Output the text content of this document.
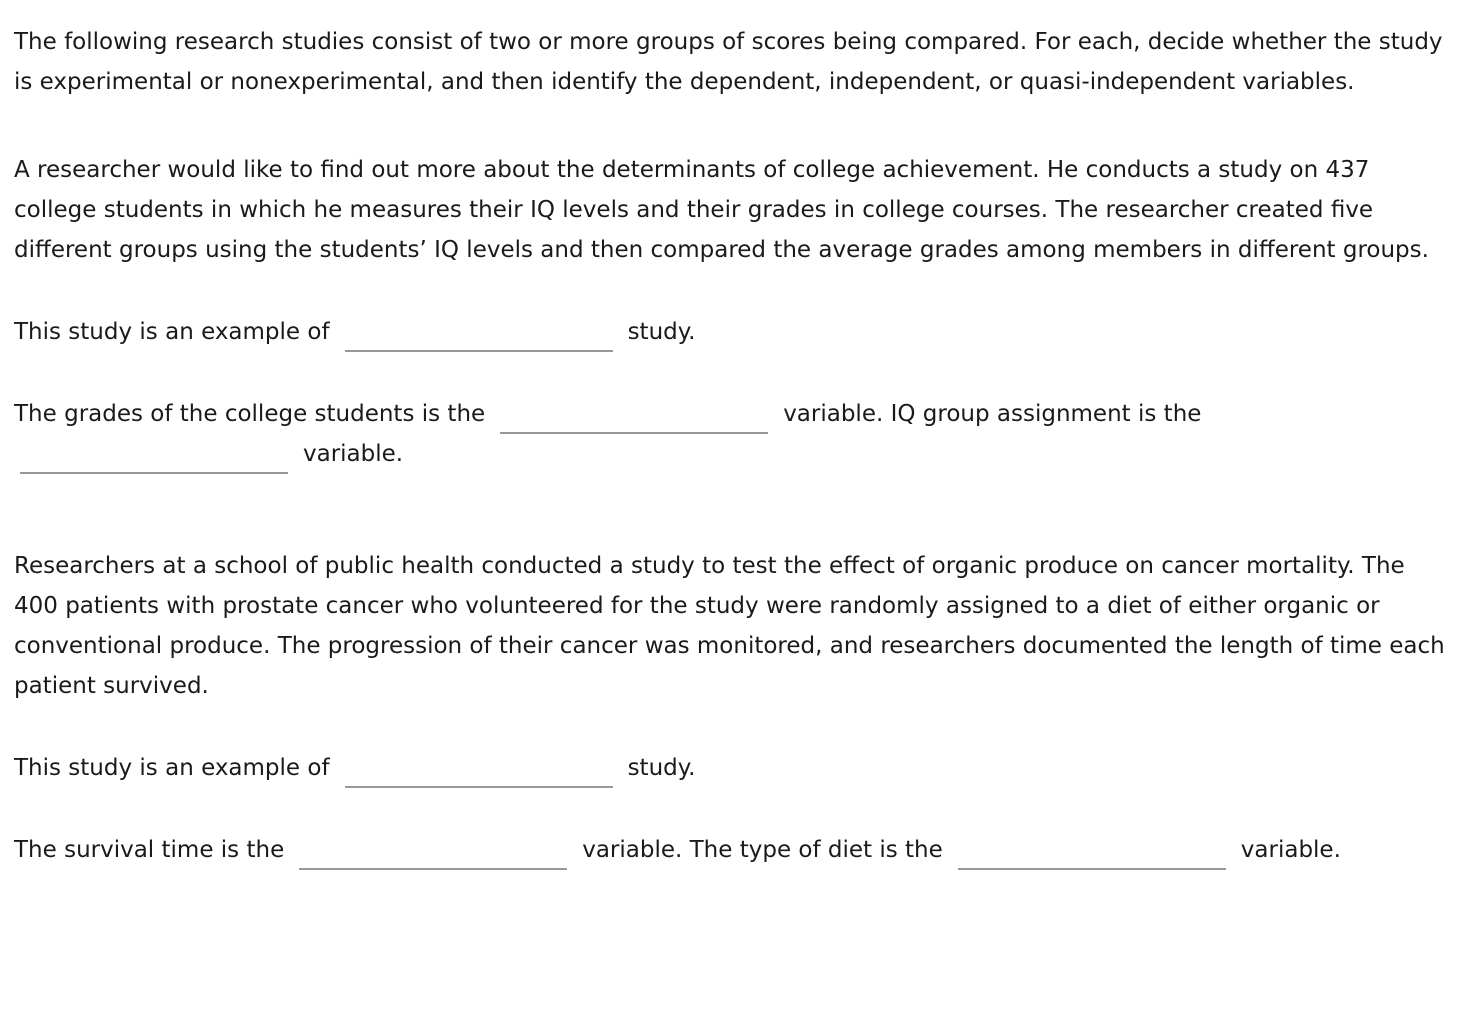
The following research studies consist of two or more groups of scores being compared. For each, decide whether the study is experimental or nonexperimental, and then identify the dependent, independent, or quasi-independent variables.

A researcher would like to find out more about the determinants of college achievement. He conducts a study on 437 college students in which he measures their IQ levels and their grades in college courses. The researcher created five different groups using the students’ IQ levels and then compared the average grades among members in different groups.

This study is an example of	study.
The grades of the college students is the	variable. IQ group assignment is the
variable.

Researchers at a school of public health conducted a study to test the effect of organic produce on cancer mortality. The 400 patients with prostate cancer who volunteered for the study were randomly assigned to a diet of either organic or conventional produce. The progression of their cancer was monitored, and researchers documented the length of time each patient survived.

This study is an example of	study.
The survival time is the	variable. The type of diet is the	variable.
